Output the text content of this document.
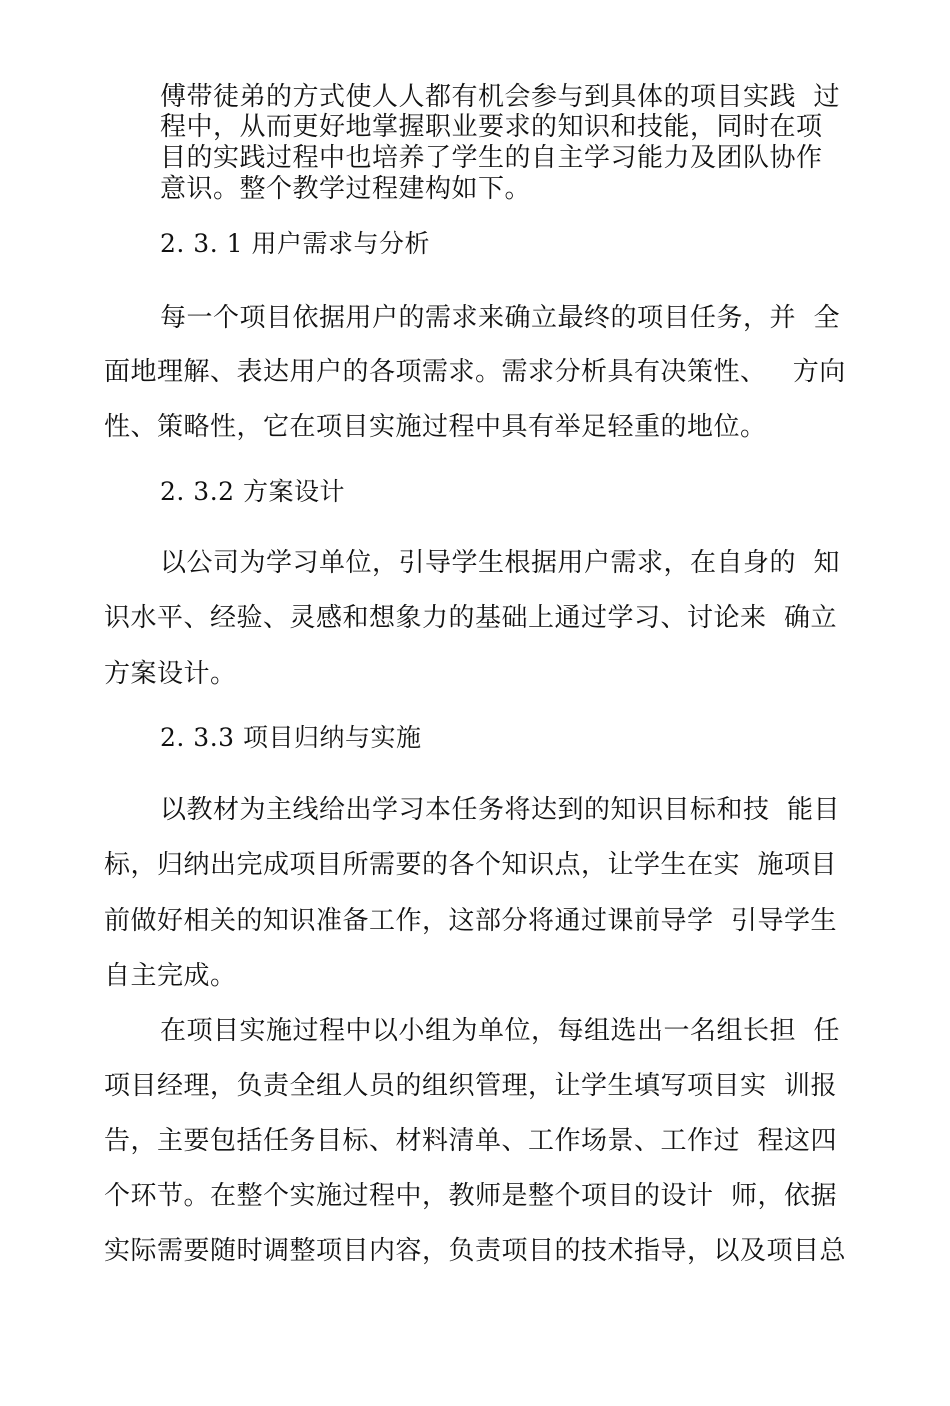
傅带徒弟的方式使人人都有机会参与到具体的项目实践  过
程中，从而更好地掌握职业要求的知识和技能，同时在项
目的实践过程中也培养了学生的自主学习能力及团队协作
意识。整个教学过程建构如下。
2. 3. 1 用户需求与分析
每一个项目依据用户的需求来确立最终的项目任务，并  全
面地理解、表达用户的各项需求。需求分析具有决策性、   方向
性、策略性，它在项目实施过程中具有举足轻重的地位。
2. 3.2 方案设计
以公司为学习单位，引导学生根据用户需求，在自身的  知
识水平、经验、灵感和想象力的基础上通过学习、讨论来  确立
方案设计。
2. 3.3 项目归纳与实施
以教材为主线给出学习本任务将达到的知识目标和技  能目
标，归纳出完成项目所需要的各个知识点，让学生在实  施项目
前做好相关的知识准备工作，这部分将通过课前导学  引导学生
自主完成。
在项目实施过程中以小组为单位，每组选出一名组长担  任
项目经理，负责全组人员的组织管理，让学生填写项目实  训报
告，主要包括任务目标、材料清单、工作场景、工作过  程这四
个环节。在整个实施过程中，教师是整个项目的设计  师，依据
实际需要随时调整项目内容，负责项目的技术指导，以及项目总
